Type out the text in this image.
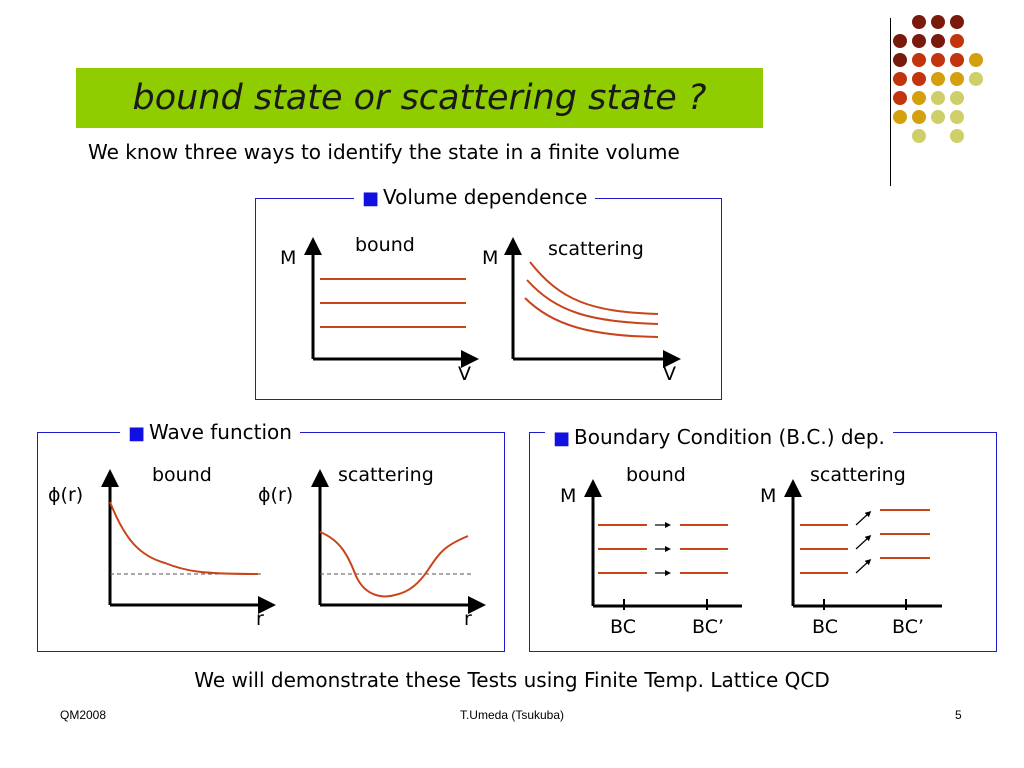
bound state or scattering state ?
We know three ways to identify the state in a finite volume
■ Volume dependence
■ Wave function	■ Boundary Condition (B.C.) dep.
bound	scattering
M	M
V	V
bound	scattering
ϕ(r)	ϕ(r)
r	r
bound	scattering
M	M
BC	BC’	BC	BC’
We will demonstrate these Tests using Finite Temp. Lattice QCD
QM2008	T.Umeda (Tsukuba)	5
